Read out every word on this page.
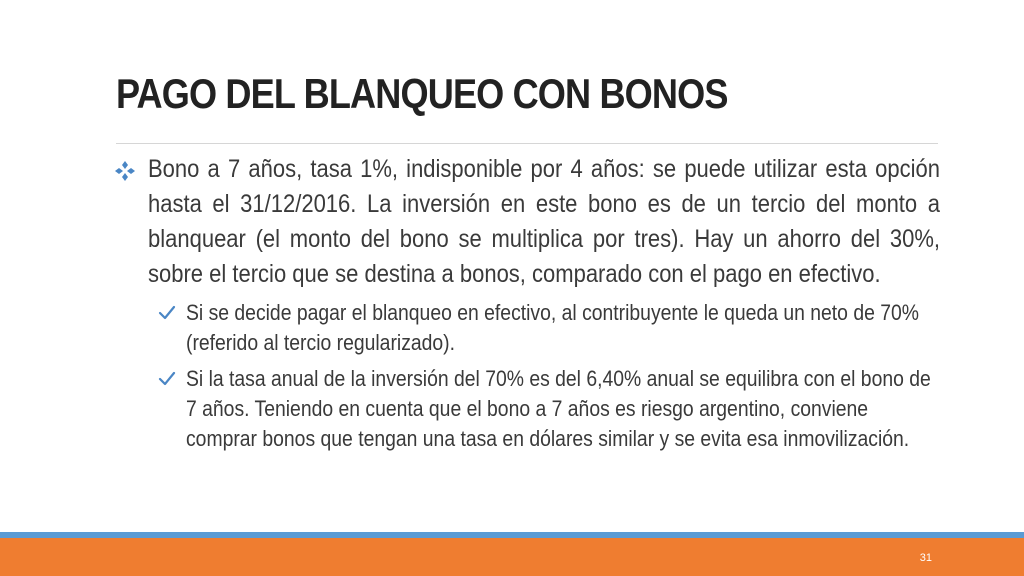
PAGO DEL BLANQUEO CON BONOS
Bono a 7 años, tasa 1%, indisponible por 4 años: se puede utilizar esta opción hasta el 31/12/2016. La inversión en este bono es de un tercio del monto a blanquear (el monto del bono se multiplica por tres). Hay un ahorro del 30%, sobre el tercio que se destina a bonos, comparado con el pago en efectivo.
Si se decide pagar el blanqueo en efectivo, al contribuyente le queda un neto de 70% (referido al tercio regularizado).
Si la tasa anual de la inversión del 70% es del 6,40% anual se equilibra con el bono de 7 años. Teniendo en cuenta que el bono a 7 años es riesgo argentino, conviene comprar bonos que tengan una tasa en dólares similar y se evita esa inmovilización.
31
